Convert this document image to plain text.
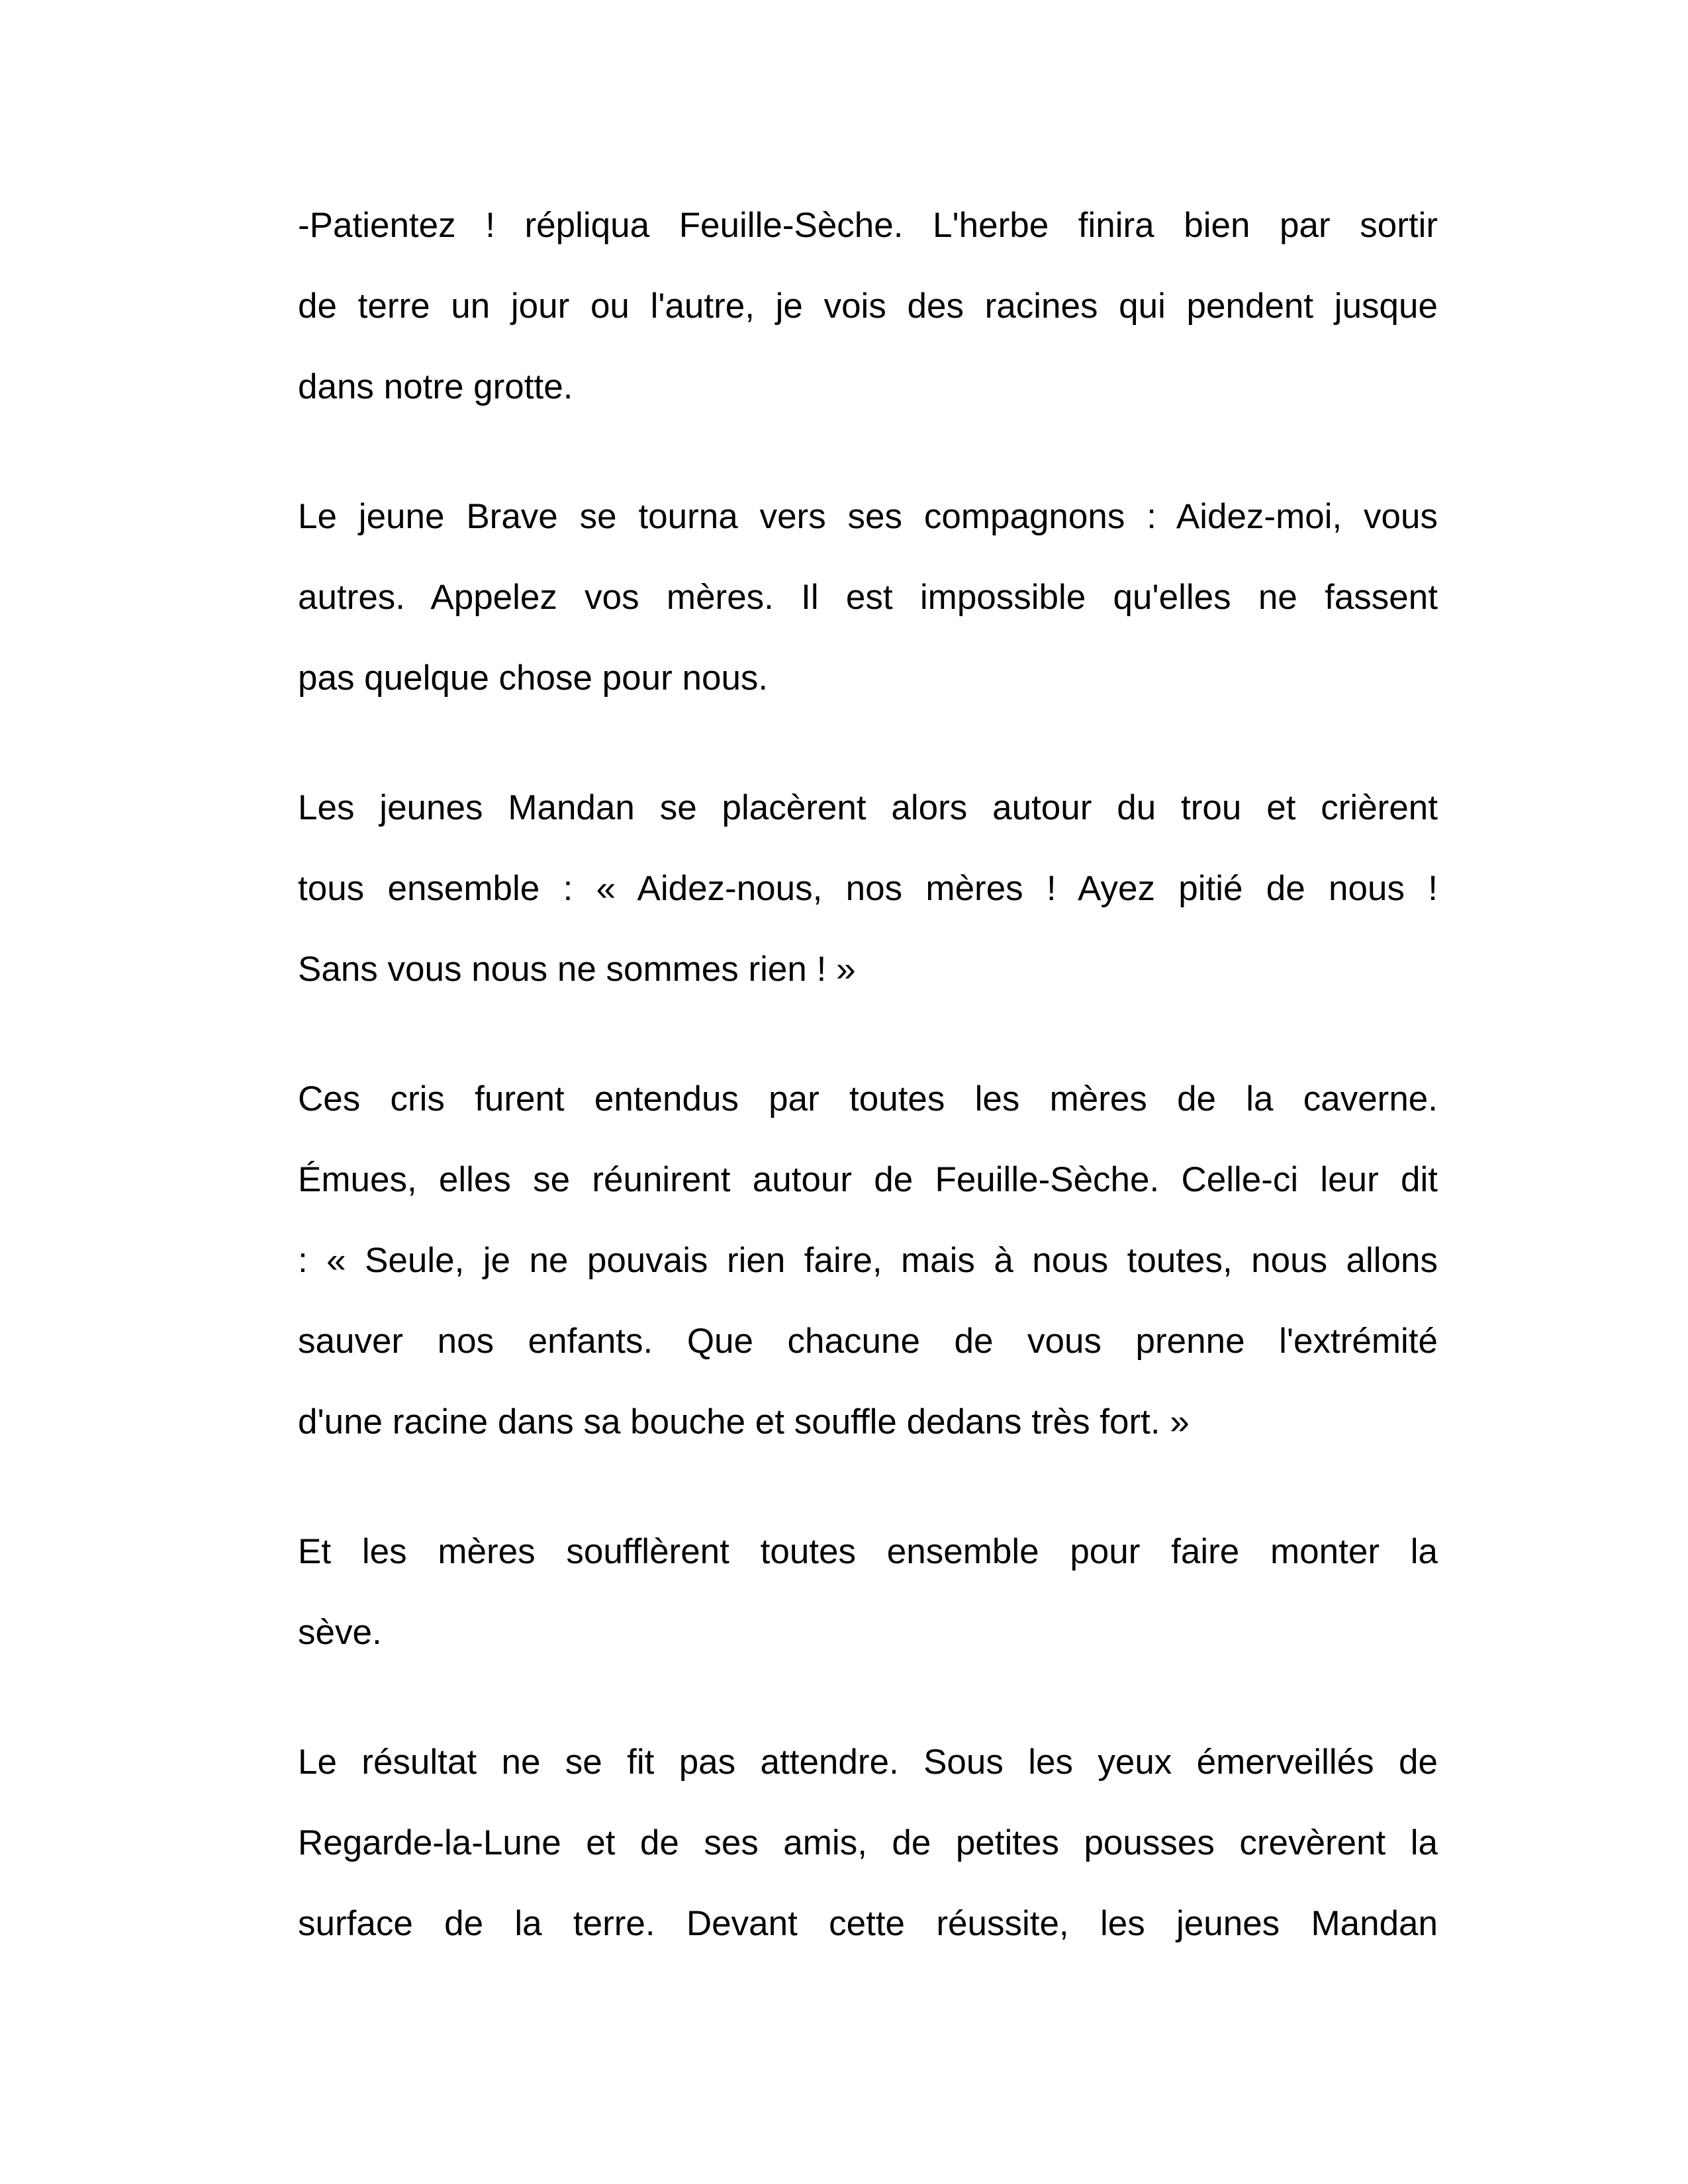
-Patientez ! répliqua Feuille-Sèche. L'herbe finira bien par sortir
de terre un jour ou l'autre, je vois des racines qui pendent jusque
dans notre grotte.
Le jeune Brave se tourna vers ses compagnons : Aidez-moi, vous
autres. Appelez vos mères. Il est impossible qu'elles ne fassent
pas quelque chose pour nous.
Les jeunes Mandan se placèrent alors autour du trou et crièrent
tous ensemble : « Aidez-nous, nos mères ! Ayez pitié de nous !
Sans vous nous ne sommes rien ! »
Ces cris furent entendus par toutes les mères de la caverne.
Émues, elles se réunirent autour de Feuille-Sèche. Celle-ci leur dit
: « Seule, je ne pouvais rien faire, mais à nous toutes, nous allons
sauver nos enfants. Que chacune de vous prenne l'extrémité
d'une racine dans sa bouche et souffle dedans très fort. »
Et les mères soufflèrent toutes ensemble pour faire monter la
sève.
Le résultat ne se fit pas attendre. Sous les yeux émerveillés de
Regarde-la-Lune et de ses amis, de petites pousses crevèrent la
surface de la terre. Devant cette réussite, les jeunes Mandan
